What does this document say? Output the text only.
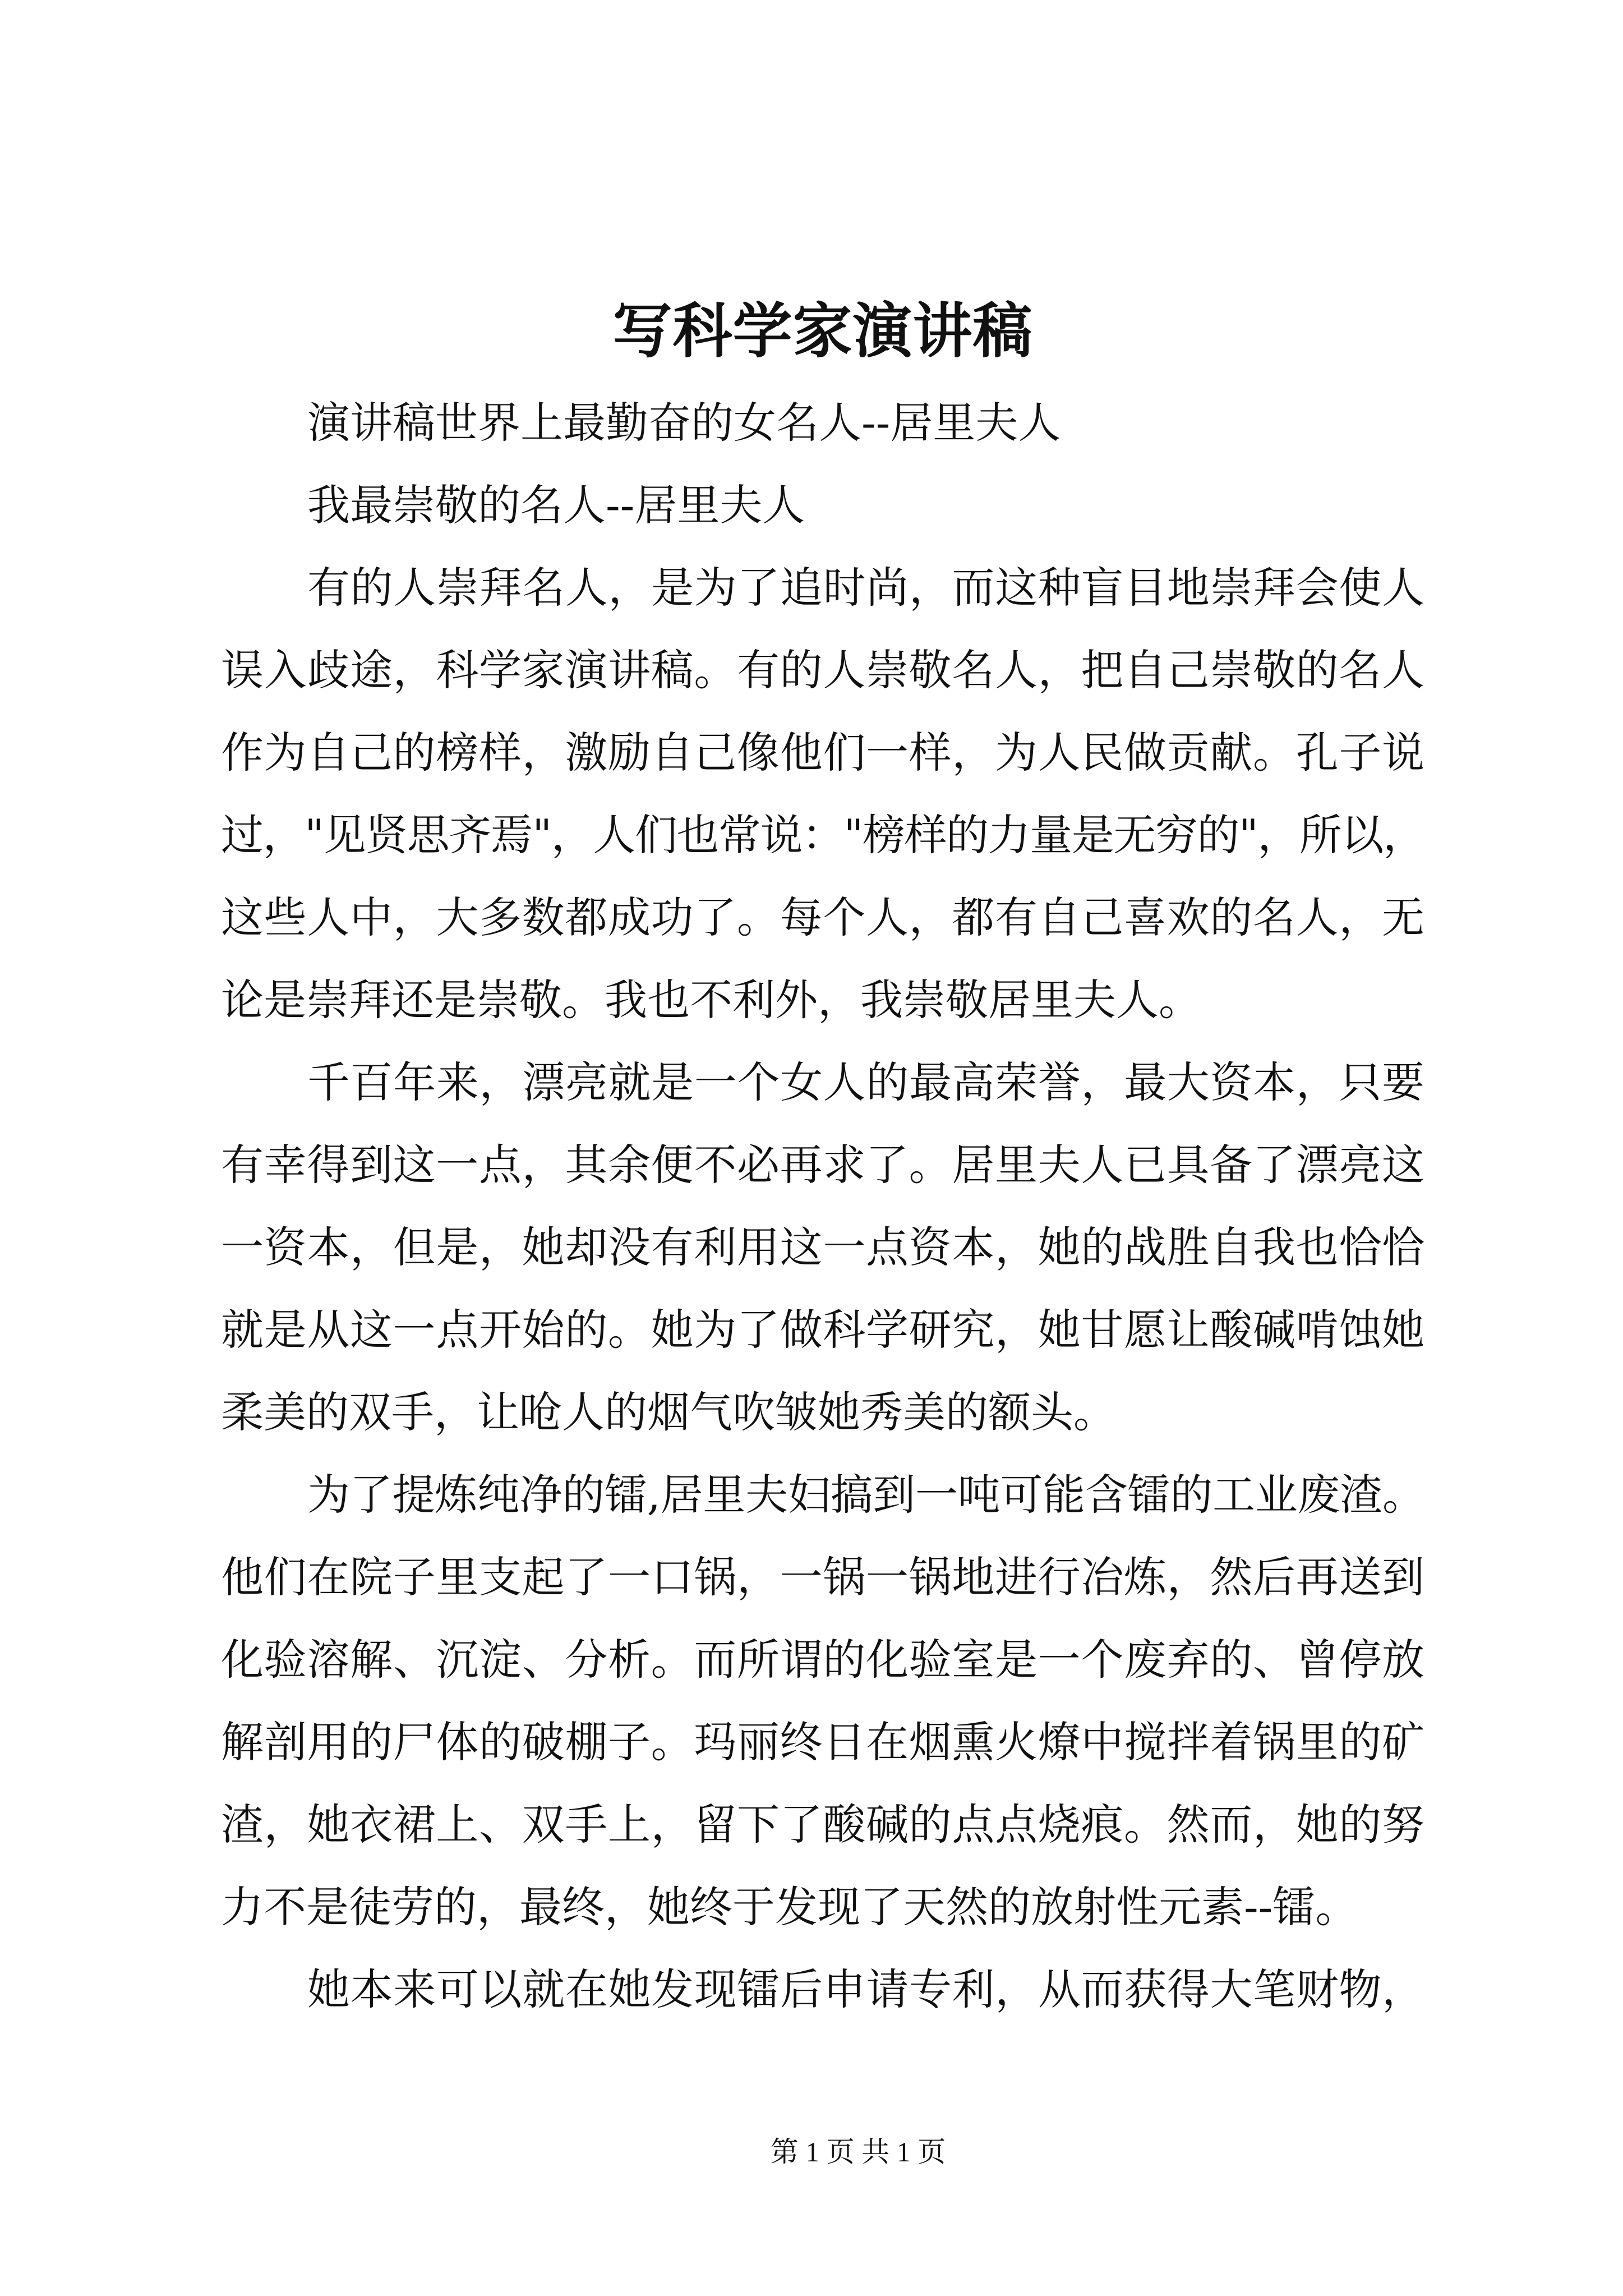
写科学家演讲稿
演讲稿世界上最勤奋的女名人--居里夫人
我最崇敬的名人--居里夫人
有的人崇拜名人，是为了追时尚，而这种盲目地崇拜会使人
误入歧途，科学家演讲稿。有的人崇敬名人，把自己崇敬的名人
作为自己的榜样，激励自己像他们一样，为人民做贡献。孔子说
过，"见贤思齐焉"，人们也常说："榜样的力量是无穷的"，所以，
这些人中，大多数都成功了。每个人，都有自己喜欢的名人，无
论是崇拜还是崇敬。我也不利外，我崇敬居里夫人。
千百年来，漂亮就是一个女人的最高荣誉，最大资本，只要
有幸得到这一点，其余便不必再求了。居里夫人已具备了漂亮这
一资本，但是，她却没有利用这一点资本，她的战胜自我也恰恰
就是从这一点开始的。她为了做科学研究，她甘愿让酸碱啃蚀她
柔美的双手，让呛人的烟气吹皱她秀美的额头。
为了提炼纯净的镭,居里夫妇搞到一吨可能含镭的工业废渣。
他们在院子里支起了一口锅，一锅一锅地进行冶炼，然后再送到
化验溶解、沉淀、分析。而所谓的化验室是一个废弃的、曾停放
解剖用的尸体的破棚子。玛丽终日在烟熏火燎中搅拌着锅里的矿
渣，她衣裙上、双手上，留下了酸碱的点点烧痕。然而，她的努
力不是徒劳的，最终，她终于发现了天然的放射性元素--镭。
她本来可以就在她发现镭后申请专利，从而获得大笔财物，
第 1 页 共 1 页
